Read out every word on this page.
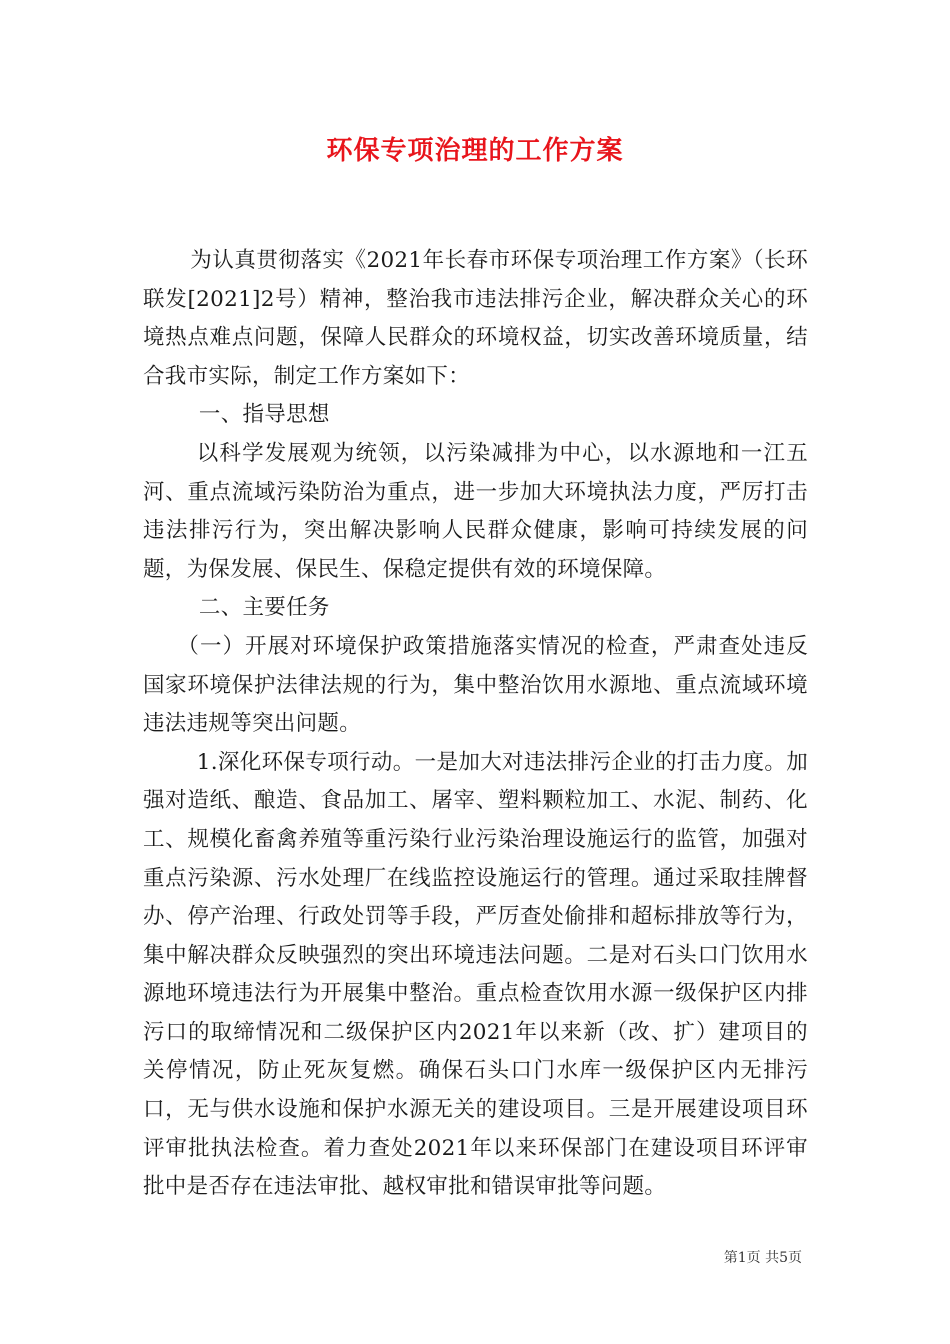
环保专项治理的工作方案

为认真贯彻落实《2021年长春市环保专项治理工作方案》（长环联发[2021]2号）精神，整治我市违法排污企业，解决群众关心的环境热点难点问题，保障人民群众的环境权益，切实改善环境质量，结合我市实际，制定工作方案如下：

一、指导思想

以科学发展观为统领，以污染减排为中心，以水源地和一江五河、重点流域污染防治为重点，进一步加大环境执法力度，严厉打击违法排污行为，突出解决影响人民群众健康，影响可持续发展的问题，为保发展、保民生、保稳定提供有效的环境保障。

二、主要任务

（一）开展对环境保护政策措施落实情况的检查，严肃查处违反国家环境保护法律法规的行为，集中整治饮用水源地、重点流域环境违法违规等突出问题。

1.深化环保专项行动。一是加大对违法排污企业的打击力度。加强对造纸、酿造、食品加工、屠宰、塑料颗粒加工、水泥、制药、化工、规模化畜禽养殖等重污染行业污染治理设施运行的监管，加强对重点污染源、污水处理厂在线监控设施运行的管理。通过采取挂牌督办、停产治理、行政处罚等手段，严厉查处偷排和超标排放等行为，集中解决群众反映强烈的突出环境违法问题。二是对石头口门饮用水源地环境违法行为开展集中整治。重点检查饮用水源一级保护区内排污口的取缔情况和二级保护区内2021年以来新（改、扩）建项目的关停情况，防止死灰复燃。确保石头口门水库一级保护区内无排污口，无与供水设施和保护水源无关的建设项目。三是开展建设项目环评审批执法检查。着力查处2021年以来环保部门在建设项目环评审批中是否存在违法审批、越权审批和错误审批等问题。

第1页 共5页
